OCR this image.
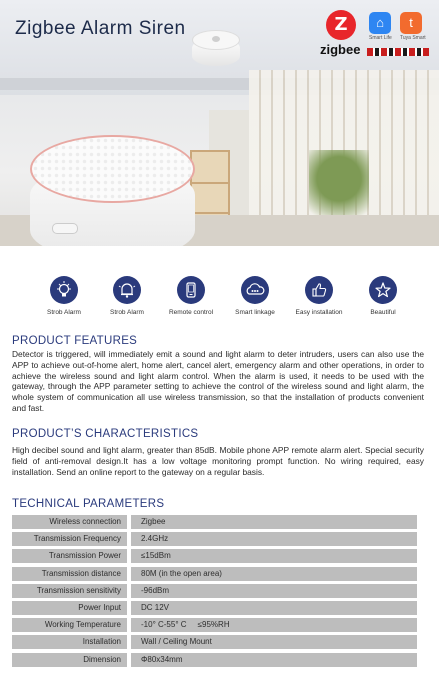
Zigbee Alarm Siren	Z
zigbee
⌂	t
Smart Life Tuya Smart
Strob Alarm	Strob Alarm	Remote control	Smart linkage	Easy installation	Beautiful
PRODUCT FEATURES
Detector is triggered, will immediately emit a sound and light alarm to deter intruders, users can also use the APP to achieve out-of-home alert, home alert, cancel alert, emergency alarm and other operations, in order to achieve the wireless sound and light alarm control. When the alarm is used, it needs to be used with the gateway, through the APP parameter setting to achieve the control of the wireless sound and light alarm, the whole system of communication all use wireless transmission, so that the installation of products convenient and fast.
PRODUCT’S CHARACTERISTICS
High decibel sound and light alarm, greater than 85dB. Mobile phone APP remote alarm alert. Special security field of anti-removal design.It has a low voltage monitoring prompt function. No wiring required, easy installation. Send an online report to the gateway on a regular basis.
TECHNICAL PARAMETERS
Wireless connection	Zigbee
Transmission Frequency	2.4GHz
Transmission Power	≤15dBm
Transmission distance	80M (in the open area)
Transmission sensitivity	-96dBm
Power Input	DC 12V
Working Temperature	-10° C-55° C     ≤95%RH
Installation	Wall / Ceiling Mount
Dimension	Φ80x34mm
